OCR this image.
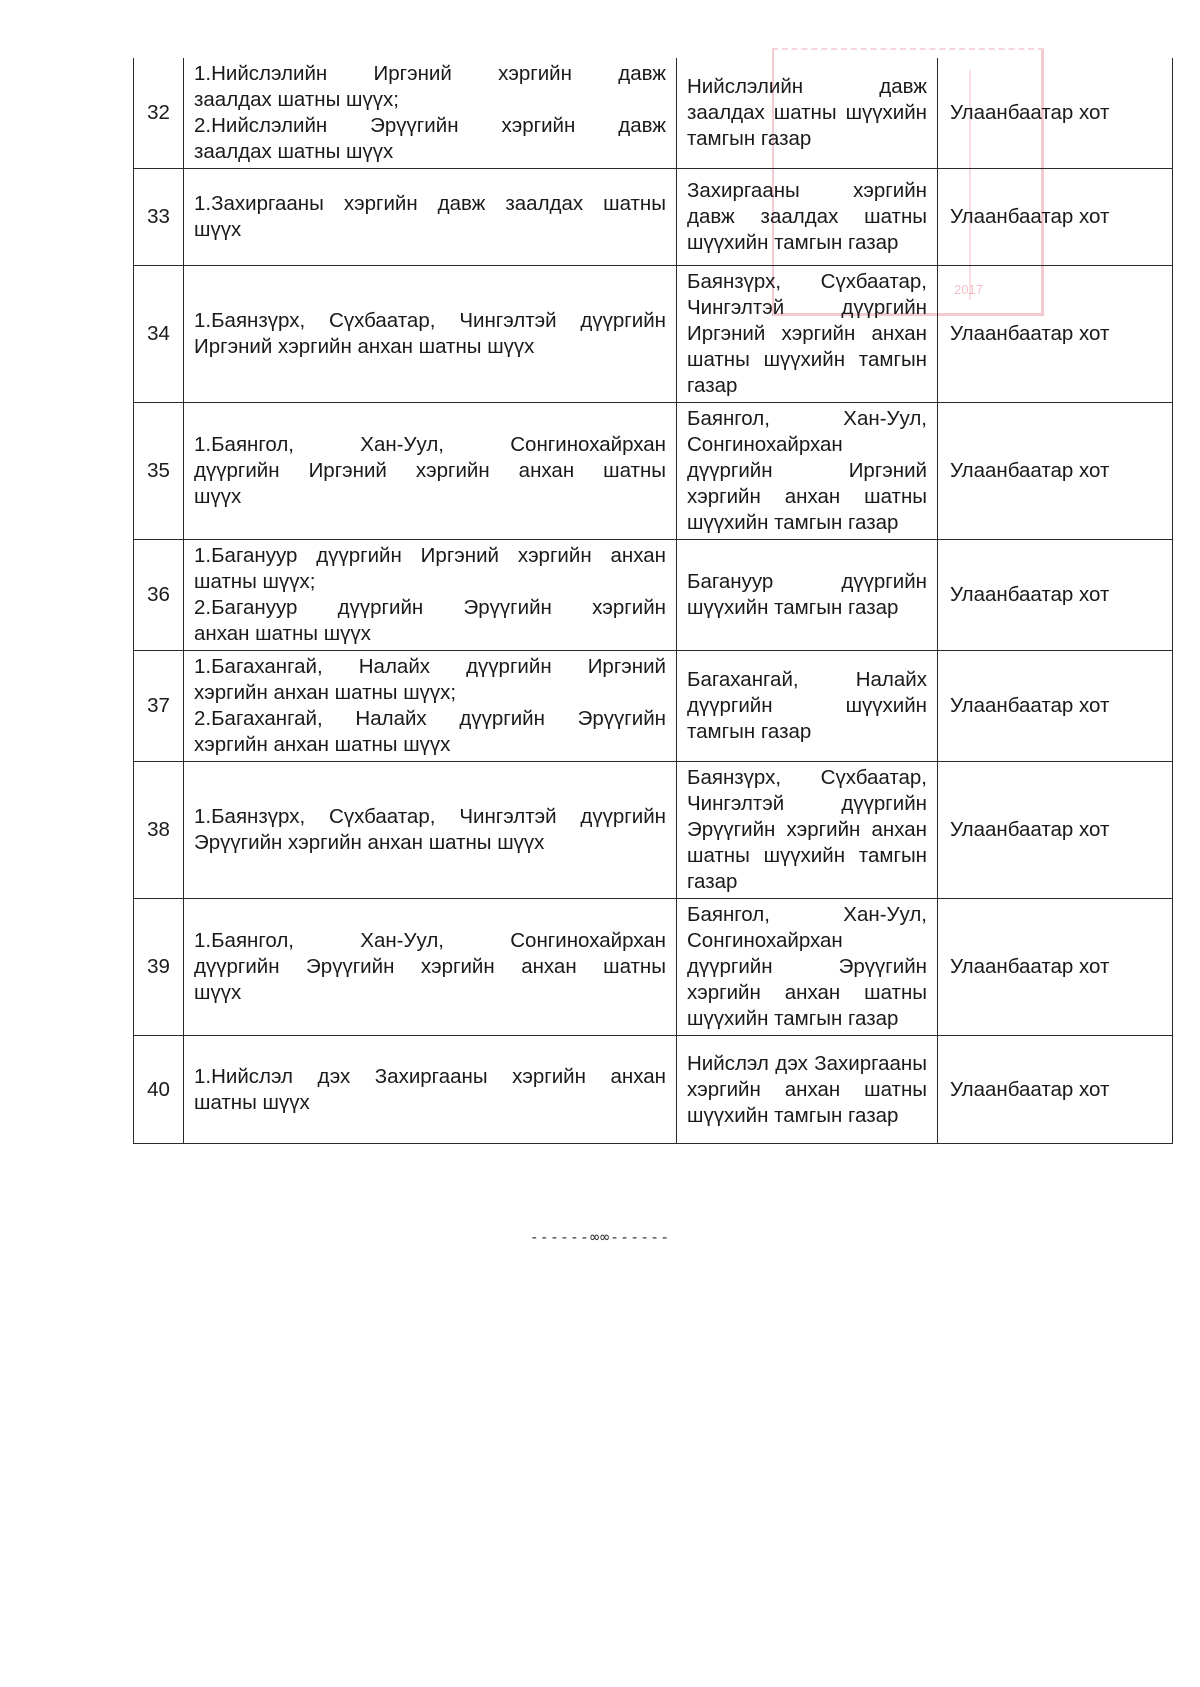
2017
32	1.Нийслэлийн Иргэний хэргийн давж
заалдах шатны шүүх;
2.Нийслэлийн Эрүүгийн хэргийн давж
заалдах шатны шүүх	Нийслэлийн давж заалдах шатны шүүхийн тамгын газар	Улаанбаатар хот
33	1.Захиргааны хэргийн давж заалдах шатны
шүүх	Захиргааны хэргийн давж заалдах шатны шүүхийн тамгын газар	Улаанбаатар хот
34	1.Баянзүрх, Сүхбаатар, Чингэлтэй дүүргийн
Иргэний хэргийн анхан шатны шүүх	Баянзүрх, Сүхбаатар, Чингэлтэй дүүргийн Иргэний хэргийн анхан шатны шүүхийн тамгын газар	Улаанбаатар хот
35	1.Баянгол, Хан-Уул, Сонгинохайрхан
дүүргийн Иргэний хэргийн анхан шатны
шүүх	Баянгол, Хан-Уул, Сонгинохайрхан дүүргийн Иргэний хэргийн анхан шатны шүүхийн тамгын газар	Улаанбаатар хот
36	1.Багануур дүүргийн Иргэний хэргийн анхан
шатны шүүх;
2.Багануур дүүргийн Эрүүгийн хэргийн
анхан шатны шүүх	Багануур дүүргийн шүүхийн тамгын газар	Улаанбаатар хот
37	1.Багахангай, Налайх дүүргийн Иргэний
хэргийн анхан шатны шүүх;
2.Багахангай, Налайх дүүргийн Эрүүгийн
хэргийн анхан шатны шүүх	Багахангай, Налайх дүүргийн шүүхийн тамгын газар	Улаанбаатар хот
38	1.Баянзүрх, Сүхбаатар, Чингэлтэй дүүргийн
Эрүүгийн хэргийн анхан шатны шүүх	Баянзүрх, Сүхбаатар, Чингэлтэй дүүргийн Эрүүгийн хэргийн анхан шатны шүүхийн тамгын газар	Улаанбаатар хот
39	1.Баянгол, Хан-Уул, Сонгинохайрхан
дүүргийн Эрүүгийн хэргийн анхан шатны
шүүх	Баянгол, Хан-Уул, Сонгинохайрхан дүүргийн Эрүүгийн хэргийн анхан шатны шүүхийн тамгын газар	Улаанбаатар хот
40	1.Нийслэл дэх Захиргааны хэргийн анхан
шатны шүүх	Нийслэл дэх Захиргааны хэргийн анхан шатны шүүхийн тамгын газар	Улаанбаатар хот
------∞∞------
